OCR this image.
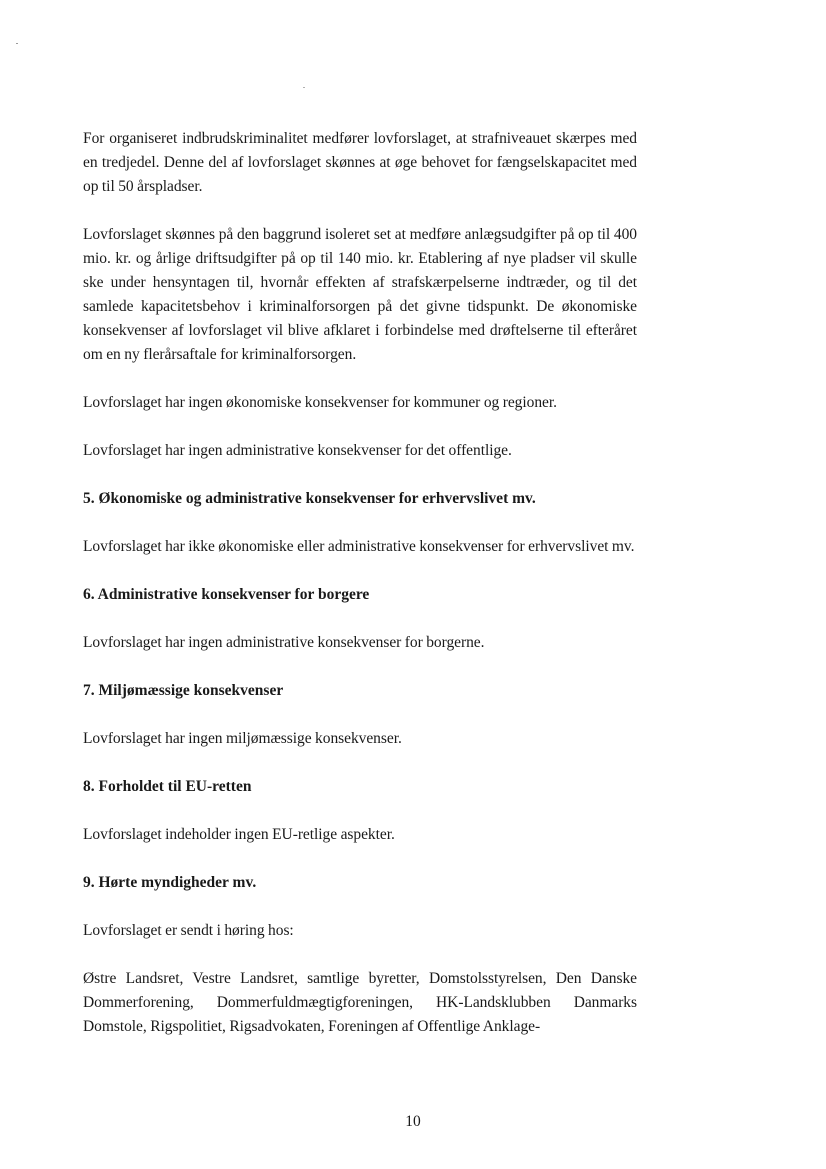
For organiseret indbrudskriminalitet medfører lovforslaget, at strafniveauet skærpes med en tredjedel. Denne del af lovforslaget skønnes at øge behovet for fængselskapacitet med op til 50 årspladser.

Lovforslaget skønnes på den baggrund isoleret set at medføre anlægsudgifter på op til 400 mio. kr. og årlige driftsudgifter på op til 140 mio. kr. Etablering af nye pladser vil skulle ske under hensyntagen til, hvornår effekten af strafskærpelserne indtræder, og til det samlede kapacitetsbehov i kriminalforsorgen på det givne tidspunkt. De økonomiske konsekvenser af lovforslaget vil blive afklaret i forbindelse med drøftelserne til efteråret om en ny flerårsaftale for kriminalforsorgen.

Lovforslaget har ingen økonomiske konsekvenser for kommuner og regioner.

Lovforslaget har ingen administrative konsekvenser for det offentlige.

5. Økonomiske og administrative konsekvenser for erhvervslivet mv.

Lovforslaget har ikke økonomiske eller administrative konsekvenser for erhvervslivet mv.

6. Administrative konsekvenser for borgere

Lovforslaget har ingen administrative konsekvenser for borgerne.

7. Miljømæssige konsekvenser

Lovforslaget har ingen miljømæssige konsekvenser.

8. Forholdet til EU-retten

Lovforslaget indeholder ingen EU-retlige aspekter.

9. Hørte myndigheder mv.

Lovforslaget er sendt i høring hos:

Østre Landsret, Vestre Landsret, samtlige byretter, Domstolsstyrelsen, Den Danske Dommerforening, Dommerfuldmægtigforeningen, HK-Landsklubben Danmarks Domstole, Rigspolitiet, Rigsadvokaten, Foreningen af Offentlige Anklage-

10
